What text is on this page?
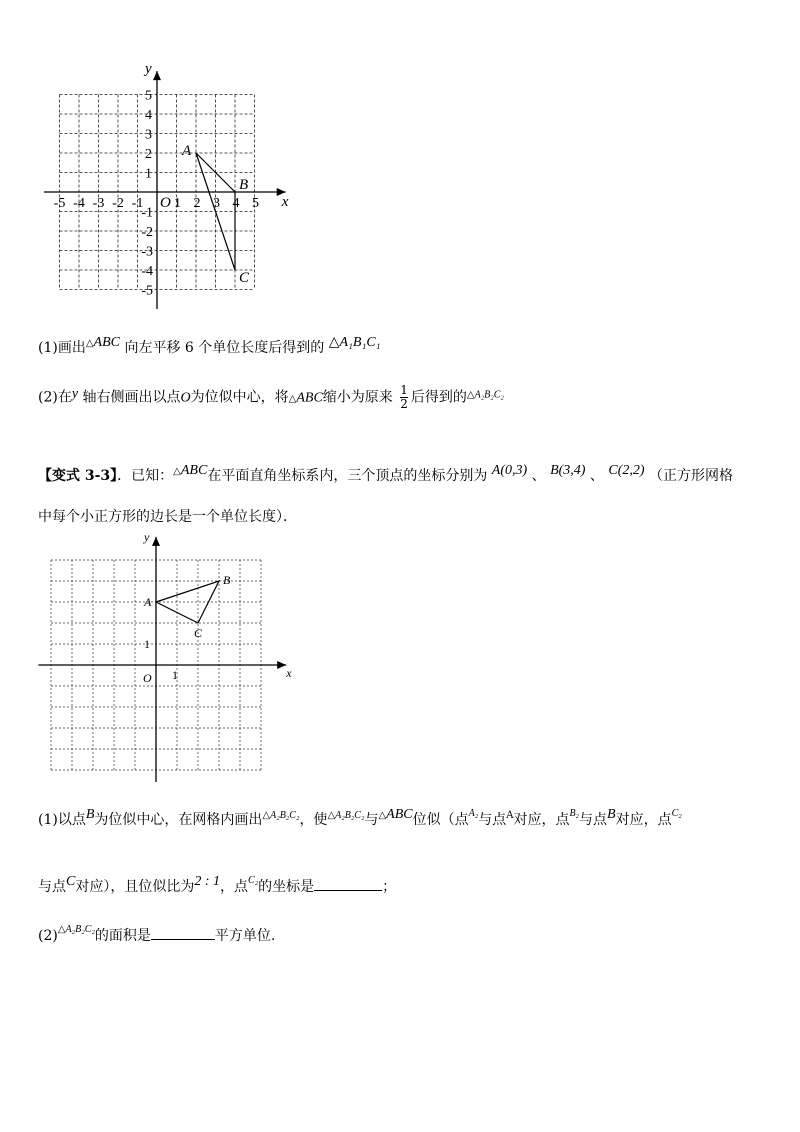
x
y
O
-5 -4 -3 -2 -1 1 2 3 4 5
1
2
3
4
5
-1
-2
-3
-4
-5
A
B
C
(1)画出△ABC 向左平移 6 个单位长度后得到的 △A₁B₁C₁
(2)在y 轴右侧画出以点O为位似中心，将△ABC缩小为原来 $\frac{1}{2}$ 后得到的$^{\triangle A_2B_2C_2}$
【变式 3-3】．已知：△ABC在平面直角坐标系内，三个顶点的坐标分别为 A(0,3) 、 B(3,4) 、 C(2,2) （正方形网格
中每个小正方形的边长是一个单位长度）．
x
y
O 1
1
A
B
C
(1)以点B为位似中心，在网格内画出$^{\triangle A_2B_2C_2}$，使$^{\triangle A_2B_2C_2}$与△ABC位似（点$^{A_2}$与点$^A$对应，点$^{B_2}$与点B对应，点$^{C_2}$
与点C对应），且位似比为2 : 1，点$^{C_2}$的坐标是	；
$(2)^{\triangle A_2B_2C_2}$的面积是	平方单位.
